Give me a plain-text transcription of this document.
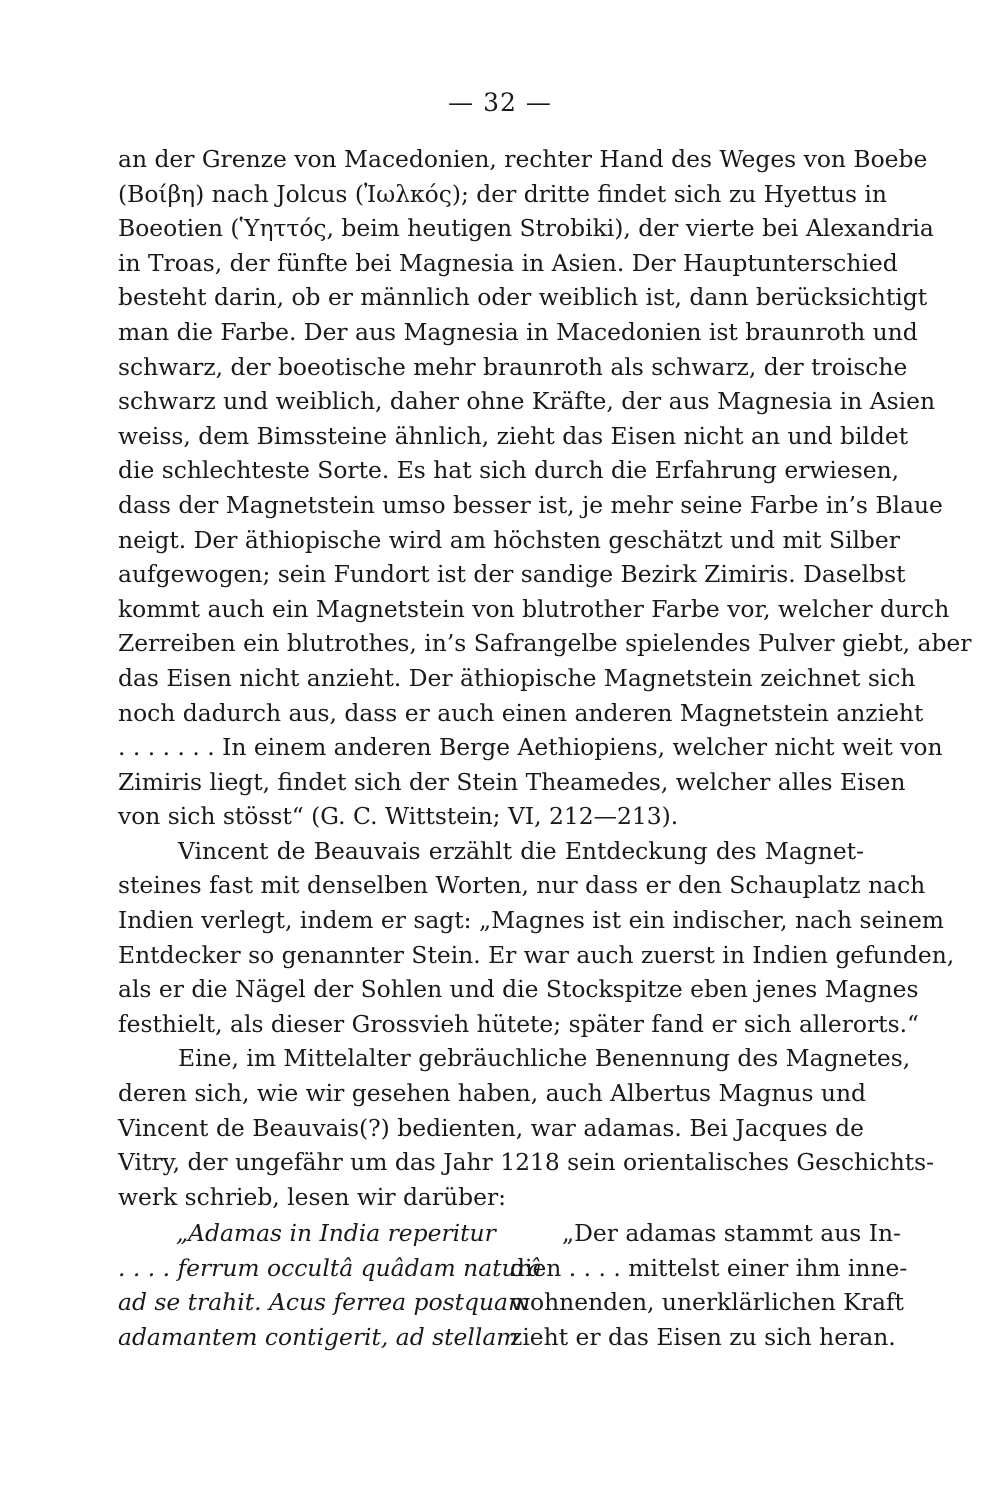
— 32 —
an der Grenze von Macedonien, rechter Hand des Weges von Boebe
(Βοίβη) nach Jolcus (Ἰωλκός); der dritte findet sich zu Hyettus in
Boeotien (Ὑηττός, beim heutigen Strobiki), der vierte bei Alexandria
in Troas, der fünfte bei Magnesia in Asien. Der Hauptunterschied
besteht darin, ob er männlich oder weiblich ist, dann berücksichtigt
man die Farbe. Der aus Magnesia in Macedonien ist braunroth und
schwarz, der boeotische mehr braunroth als schwarz, der troische
schwarz und weiblich, daher ohne Kräfte, der aus Magnesia in Asien
weiss, dem Bimssteine ähnlich, zieht das Eisen nicht an und bildet
die schlechteste Sorte. Es hat sich durch die Erfahrung erwiesen,
dass der Magnetstein umso besser ist, je mehr seine Farbe in’s Blaue
neigt. Der äthiopische wird am höchsten geschätzt und mit Silber
aufgewogen; sein Fundort ist der sandige Bezirk Zimiris. Daselbst
kommt auch ein Magnetstein von blutrother Farbe vor, welcher durch
Zerreiben ein blutrothes, in’s Safrangelbe spielendes Pulver giebt, aber
das Eisen nicht anzieht. Der äthiopische Magnetstein zeichnet sich
noch dadurch aus, dass er auch einen anderen Magnetstein anzieht
. . . . . . . In einem anderen Berge Aethiopiens, welcher nicht weit von
Zimiris liegt, findet sich der Stein Theamedes, welcher alles Eisen
von sich stösst“ (G. C. Wittstein; VI, 212—213).
Vincent de Beauvais erzählt die Entdeckung des Magnet-
steines fast mit denselben Worten, nur dass er den Schauplatz nach
Indien verlegt, indem er sagt: „Magnes ist ein indischer, nach seinem
Entdecker so genannter Stein. Er war auch zuerst in Indien gefunden,
als er die Nägel der Sohlen und die Stockspitze eben jenes Magnes
festhielt, als dieser Grossvieh hütete; später fand er sich allerorts.“
Eine, im Mittelalter gebräuchliche Benennung des Magnetes,
deren sich, wie wir gesehen haben, auch Albertus Magnus und
Vincent de Beauvais(?) bedienten, war adamas. Bei Jacques de
Vitry, der ungefähr um das Jahr 1218 sein orientalisches Geschichts-
werk schrieb, lesen wir darüber:
„Adamas in India reperitur
. . . . ferrum occultâ quâdam naturâ
ad se trahit. Acus ferrea postquam
adamantem contigerit, ad stellam
„Der adamas stammt aus In-
dien . . . . mittelst einer ihm inne-
wohnenden, unerklärlichen Kraft
zieht er das Eisen zu sich heran.
